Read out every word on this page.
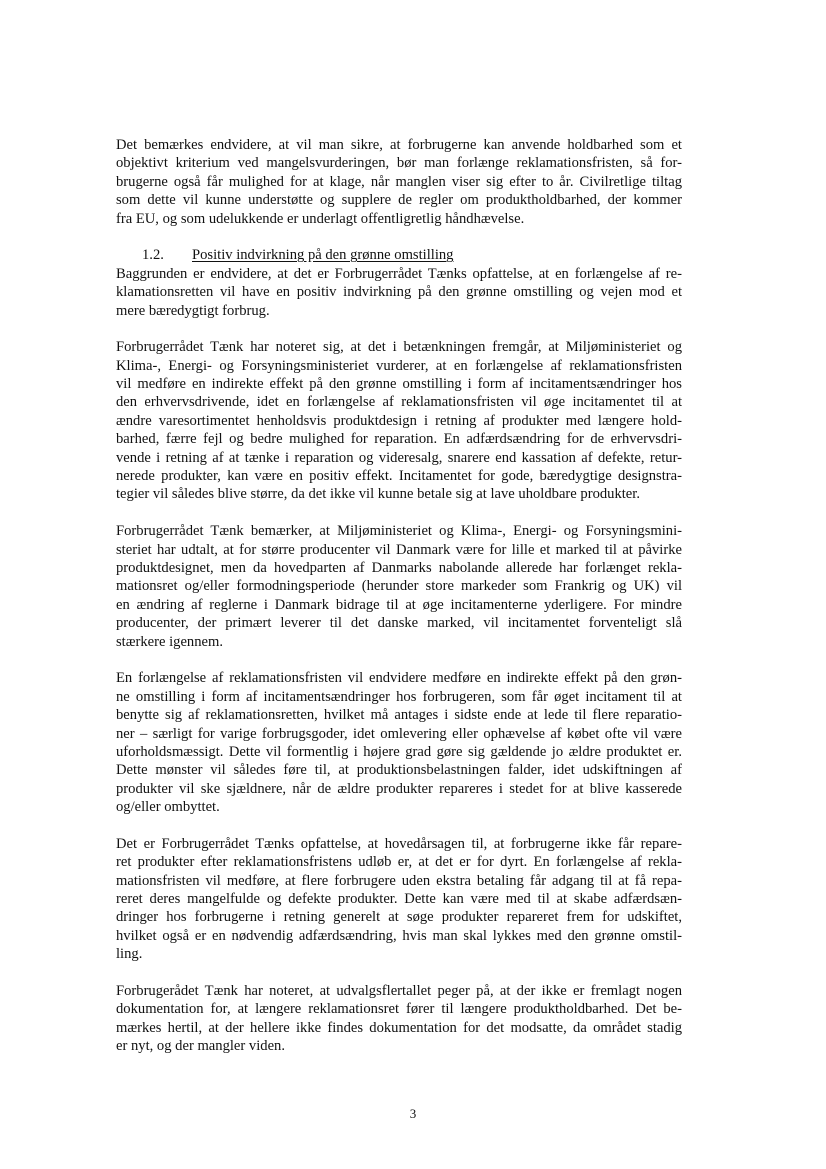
Det bemærkes endvidere, at vil man sikre, at forbrugerne kan anvende holdbarhed som et
objektivt kriterium ved mangelsvurderingen, bør man forlænge reklamationsfristen, så for-
brugerne også får mulighed for at klage, når manglen viser sig efter to år. Civilretlige tiltag
som dette vil kunne understøtte og supplere de regler om produktholdbarhed, der kommer
fra EU, og som udelukkende er underlagt offentligretlig håndhævelse.
1.2. Positiv indvirkning på den grønne omstilling
Baggrunden er endvidere, at det er Forbrugerrådet Tænks opfattelse, at en forlængelse af re-
klamationsretten vil have en positiv indvirkning på den grønne omstilling og vejen mod et
mere bæredygtigt forbrug.
Forbrugerrådet Tænk har noteret sig, at det i betænkningen fremgår, at Miljøministeriet og
Klima-, Energi- og Forsyningsministeriet vurderer, at en forlængelse af reklamationsfristen
vil medføre en indirekte effekt på den grønne omstilling i form af incitamentsændringer hos
den erhvervsdrivende, idet en forlængelse af reklamationsfristen vil øge incitamentet til at
ændre varesortimentet henholdsvis produktdesign i retning af produkter med længere hold-
barhed, færre fejl og bedre mulighed for reparation. En adfærdsændring for de erhvervsdri-
vende i retning af at tænke i reparation og videresalg, snarere end kassation af defekte, retur-
nerede produkter, kan være en positiv effekt. Incitamentet for gode, bæredygtige designstra-
tegier vil således blive større, da det ikke vil kunne betale sig at lave uholdbare produkter.
Forbrugerrådet Tænk bemærker, at Miljøministeriet og Klima-, Energi- og Forsyningsmini-
steriet har udtalt, at for større producenter vil Danmark være for lille et marked til at påvirke
produktdesignet, men da hovedparten af Danmarks nabolande allerede har forlænget rekla-
mationsret og/eller formodningsperiode (herunder store markeder som Frankrig og UK) vil
en ændring af reglerne i Danmark bidrage til at øge incitamenterne yderligere. For mindre
producenter, der primært leverer til det danske marked, vil incitamentet forventeligt slå
stærkere igennem.
En forlængelse af reklamationsfristen vil endvidere medføre en indirekte effekt på den grøn-
ne omstilling i form af incitamentsændringer hos forbrugeren, som får øget incitament til at
benytte sig af reklamationsretten, hvilket må antages i sidste ende at lede til flere reparatio-
ner – særligt for varige forbrugsgoder, idet omlevering eller ophævelse af købet ofte vil være
uforholdsmæssigt. Dette vil formentlig i højere grad gøre sig gældende jo ældre produktet er.
Dette mønster vil således føre til, at produktionsbelastningen falder, idet udskiftningen af
produkter vil ske sjældnere, når de ældre produkter repareres i stedet for at blive kasserede
og/eller ombyttet.
Det er Forbrugerrådet Tænks opfattelse, at hovedårsagen til, at forbrugerne ikke får repare-
ret produkter efter reklamationsfristens udløb er, at det er for dyrt. En forlængelse af rekla-
mationsfristen vil medføre, at flere forbrugere uden ekstra betaling får adgang til at få repa-
reret deres mangelfulde og defekte produkter. Dette kan være med til at skabe adfærdsæn-
dringer hos forbrugerne i retning generelt at søge produkter repareret frem for udskiftet,
hvilket også er en nødvendig adfærdsændring, hvis man skal lykkes med den grønne omstil-
ling.
Forbrugerådet Tænk har noteret, at udvalgsflertallet peger på, at der ikke er fremlagt nogen
dokumentation for, at længere reklamationsret fører til længere produktholdbarhed. Det be-
mærkes hertil, at der hellere ikke findes dokumentation for det modsatte, da området stadig
er nyt, og der mangler viden.
3
